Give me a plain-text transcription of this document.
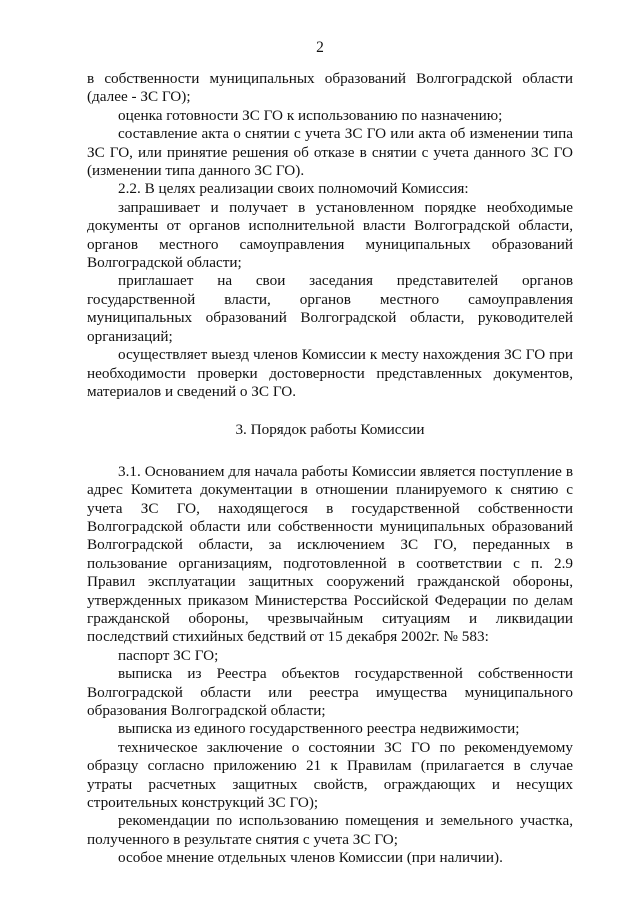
2

в собственности муниципальных образований Волгоградской области (далее - ЗС ГО);

оценка готовности ЗС ГО к использованию по назначению;

составление акта о снятии с учета ЗС ГО или акта об изменении типа ЗС ГО, или принятие решения об отказе в снятии с учета данного ЗС ГО (изменении типа данного ЗС ГО).

2.2. В целях реализации своих полномочий Комиссия:

запрашивает и получает в установленном порядке необходимые документы от органов исполнительной власти Волгоградской области, органов местного самоуправления муниципальных образований Волгоградской области;

приглашает на свои заседания представителей органов государственной власти, органов местного самоуправления муниципальных образований Волгоградской области, руководителей организаций;

осуществляет выезд членов Комиссии к месту нахождения ЗС ГО при необходимости проверки достоверности представленных документов, материалов и сведений о ЗС ГО.

3. Порядок работы Комиссии

3.1. Основанием для начала работы Комиссии является поступление в адрес Комитета документации в отношении планируемого к снятию с учета ЗС ГО, находящегося в государственной собственности Волгоградской области или собственности муниципальных образований Волгоградской области, за исключением ЗС ГО, переданных в пользование организациям, подготовленной в соответствии с п. 2.9 Правил эксплуатации защитных сооружений гражданской обороны, утвержденных приказом Министерства Российской Федерации по делам гражданской обороны, чрезвычайным ситуациям и ликвидации последствий стихийных бедствий от 15 декабря 2002г. № 583:

паспорт ЗС ГО;

выписка из Реестра объектов государственной собственности Волгоградской области или реестра имущества муниципального образования Волгоградской области;

выписка из единого государственного реестра недвижимости;

техническое заключение о состоянии ЗС ГО по рекомендуемому образцу согласно приложению 21 к Правилам (прилагается в случае утраты расчетных защитных свойств, ограждающих и несущих строительных конструкций ЗС ГО);

рекомендации по использованию помещения и земельного участка, полученного в результате снятия с учета ЗС ГО;

особое мнение отдельных членов Комиссии (при наличии).
